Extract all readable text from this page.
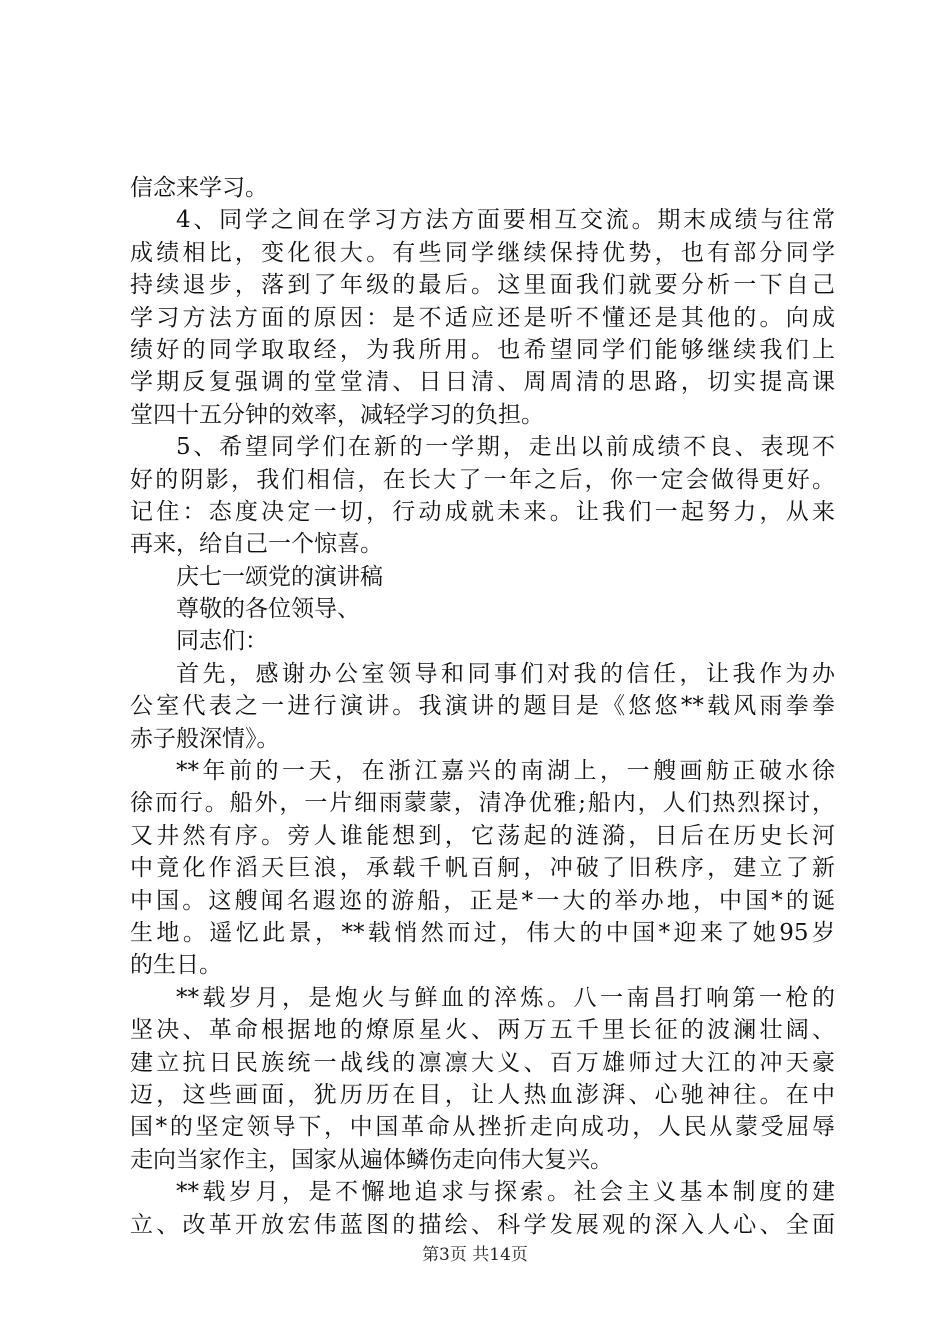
信念来学习。
4、同学之间在学习方法方面要相互交流。期末成绩与往常
成绩相比，变化很大。有些同学继续保持优势，也有部分同学
持续退步，落到了年级的最后。这里面我们就要分析一下自己
学习方法方面的原因：是不适应还是听不懂还是其他的。向成
绩好的同学取取经，为我所用。也希望同学们能够继续我们上
学期反复强调的堂堂清、日日清、周周清的思路，切实提高课
堂四十五分钟的效率，减轻学习的负担。
5、希望同学们在新的一学期，走出以前成绩不良、表现不
好的阴影，我们相信，在长大了一年之后，你一定会做得更好。
记住：态度决定一切，行动成就未来。让我们一起努力，从来
再来，给自己一个惊喜。
庆七一颂党的演讲稿
尊敬的各位领导、
同志们：
首先，感谢办公室领导和同事们对我的信任，让我作为办
公室代表之一进行演讲。我演讲的题目是《悠悠**载风雨拳拳
赤子般深情》。
**年前的一天，在浙江嘉兴的南湖上，一艘画舫正破水徐
徐而行。船外，一片细雨蒙蒙，清净优雅;船内，人们热烈探讨，
又井然有序。旁人谁能想到，它荡起的涟漪，日后在历史长河
中竟化作滔天巨浪，承载千帆百舸，冲破了旧秩序，建立了新
中国。这艘闻名遐迩的游船，正是*一大的举办地，中国*的诞
生地。遥忆此景，**载悄然而过，伟大的中国*迎来了她95岁
的生日。
**载岁月，是炮火与鲜血的淬炼。八一南昌打响第一枪的
坚决、革命根据地的燎原星火、两万五千里长征的波澜壮阔、
建立抗日民族统一战线的凛凛大义、百万雄师过大江的冲天豪
迈，这些画面，犹历历在目，让人热血澎湃、心驰神往。在中
国*的坚定领导下，中国革命从挫折走向成功，人民从蒙受屈辱
走向当家作主，国家从遍体鳞伤走向伟大复兴。
**载岁月，是不懈地追求与探索。社会主义基本制度的建
立、改革开放宏伟蓝图的描绘、科学发展观的深入人心、全面
第3页 共14页
